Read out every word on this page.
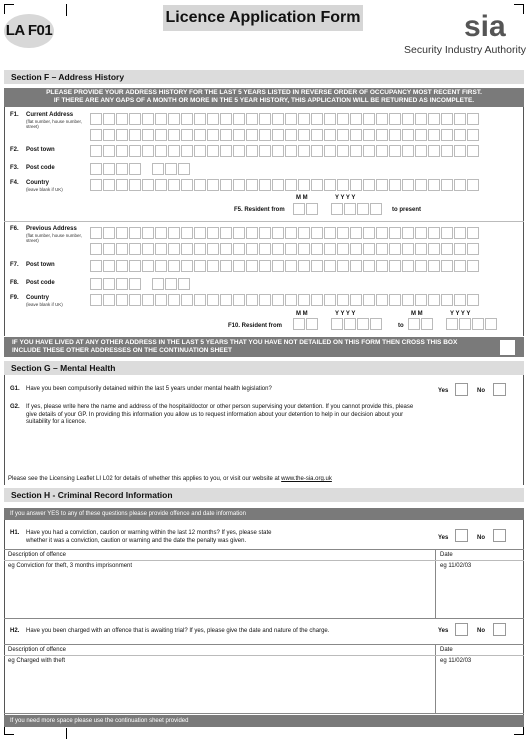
LA F01
Licence Application Form	sia
Security Industry Authority
Section F – Address History
PLEASE PROVIDE YOUR ADDRESS HISTORY FOR THE LAST 5 YEARS LISTED IN REVERSE ORDER OF OCCUPANCY MOST RECENT FIRST.
IF THERE ARE ANY GAPS OF A MONTH OR MORE IN THE 5 YEAR HISTORY, THIS APPLICATION WILL BE RETURNED AS INCOMPLETE.
F1. Current Address
(flat number, house number, street)
F2. Post town
F3. Post code
F4. Country
(leave blank if UK)
M M	Y Y Y Y
F5. Resident from	to present
F6. Previous Address
(flat number, house number, street)
F7. Post town
F8. Post code
F9. Country
(leave blank if UK)
M M	Y Y Y Y	M M	Y Y Y Y
F10. Resident from	to
IF YOU HAVE LIVED AT ANY OTHER ADDRESS IN THE LAST 5 YEARS THAT YOU HAVE NOT DETAILED ON THIS FORM THEN CROSS THIS BOX
INCLUDE THESE OTHER ADDRESSES ON THE CONTINUATION SHEET
Section G – Mental Health
G1. Have you been compulsorily detained within the last 5 years under mental health legislation?	Yes	No
G2. If yes, please write here the name and address of the hospital/doctor or other person supervising your detention. If you cannot provide this, please
give details of your GP. In providing this information you allow us to request information about your detention to help in our decision about your
suitability for a licence.
Please see the Licensing Leaflet LI L02 for details of whether this applies to you, or visit our website at www.the-sia.org.uk
Section H - Criminal Record Information
If you answer YES to any of these questions please provide offence and date information
H1. Have you had a conviction, caution or warning within the last 12 months? If yes, please state
whether it was a conviction, caution or warning and the date the penalty was given.	Yes	No
Description of offence	Date
eg Conviction for theft, 3 months imprisonment	eg 11/02/03
H2. Have you been charged with an offence that is awaiting trial? If yes, please give the date and nature of the charge.	Yes	No
Description of offence	Date
eg Charged with theft	eg 11/02/03
If you need more space please use the continuation sheet provided
